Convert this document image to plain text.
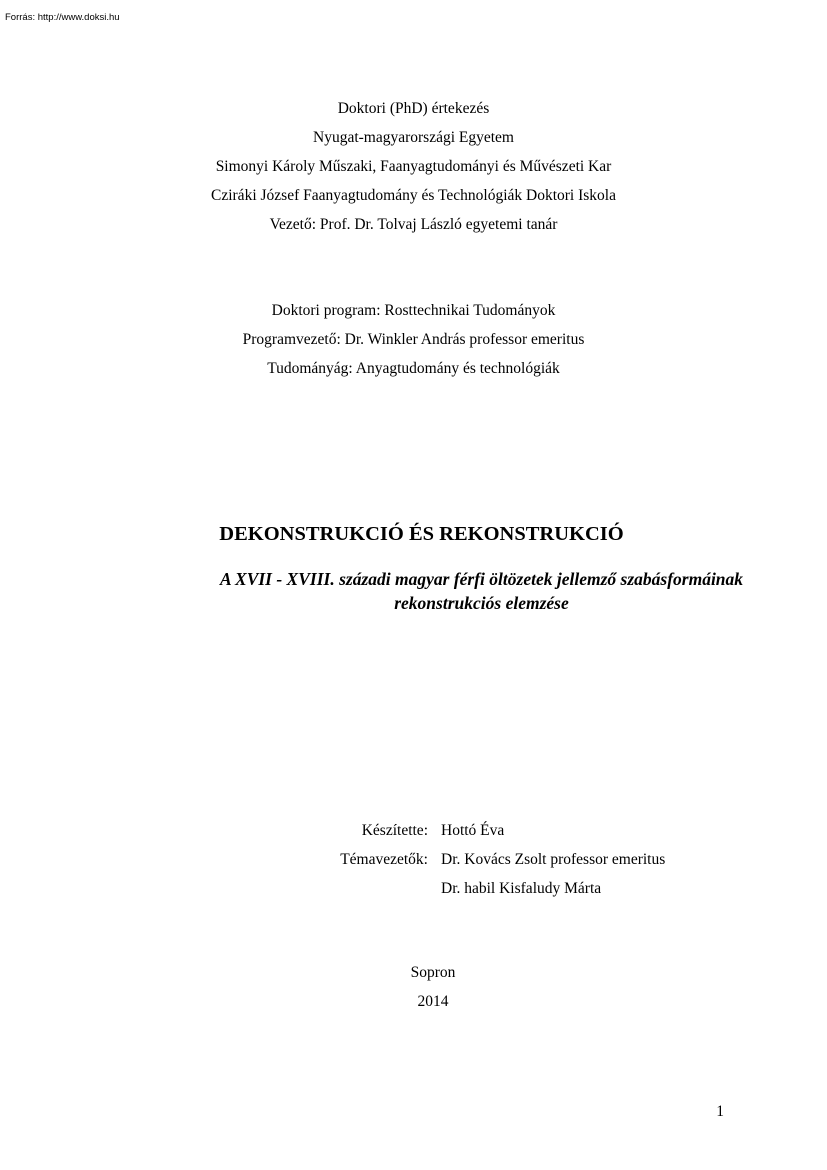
Forrás: http://www.doksi.hu
Doktori (PhD) értekezés
Nyugat-magyarországi Egyetem
Simonyi Károly Műszaki, Faanyagtudományi és Művészeti Kar
Cziráki József Faanyagtudomány és Technológiák Doktori Iskola
Vezető: Prof. Dr. Tolvaj László egyetemi tanár
Doktori program: Rosttechnikai Tudományok
Programvezető: Dr. Winkler András professor emeritus
Tudományág: Anyagtudomány és technológiák
DEKONSTRUKCIÓ ÉS REKONSTRUKCIÓ
A XVII - XVIII. századi magyar férfi öltözetek jellemző szabásformáinak
rekonstrukciós elemzése
Készítette:
Témavezetők:
Hottó Éva
Dr. Kovács Zsolt professor emeritus
Dr. habil Kisfaludy Márta
Sopron
2014
1
